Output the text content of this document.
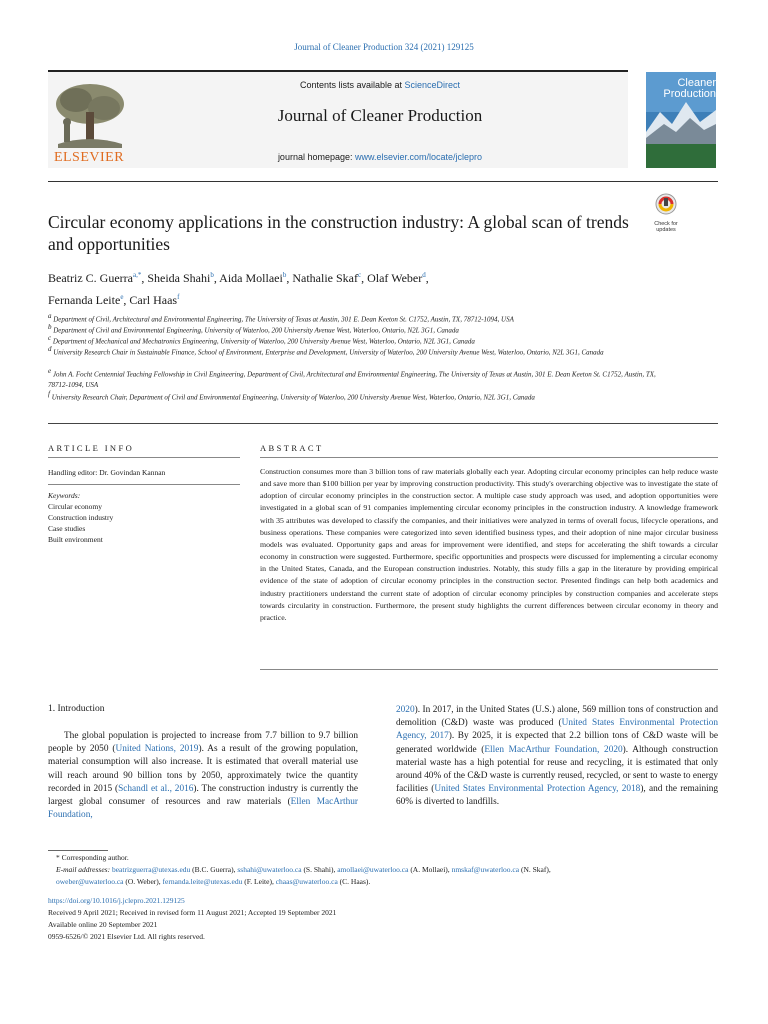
Journal of Cleaner Production 324 (2021) 129125
ELSEVIER
Contents lists available at ScienceDirect
Journal of Cleaner Production
journal homepage: www.elsevier.com/locate/jclepro
Cleaner Production
Circular economy applications in the construction industry: A global scan of trends and opportunities
Check for updates
Beatriz C. Guerra$^{a,*}$, Sheida Shahi$^b$, Aida Mollaei$^b$, Nathalie Skaf$^c$, Olaf Weber$^d$,
Fernanda Leite$^e$, Carl Haas$^f$
$^a$ Department of Civil, Architectural and Environmental Engineering, The University of Texas at Austin, 301 E. Dean Keeton St. C1752, Austin, TX, 78712-1094, USA
$^b$ Department of Civil and Environmental Engineering, University of Waterloo, 200 University Avenue West, Waterloo, Ontario, N2L 3G1, Canada
$^c$ Department of Mechanical and Mechatronics Engineering, University of Waterloo, 200 University Avenue West, Waterloo, Ontario, N2L 3G1, Canada
$^d$ University Research Chair in Sustainable Finance, School of Environment, Enterprise and Development, University of Waterloo, 200 University Avenue West, Waterloo, Ontario, N2L 3G1, Canada
$^e$ John A. Focht Centennial Teaching Fellowship in Civil Engineering, Department of Civil, Architectural and Environmental Engineering, The University of Texas at Austin, 301 E. Dean Keeton St. C1752, Austin, TX, 78712-1094, USA
$^f$ University Research Chair, Department of Civil and Environmental Engineering, University of Waterloo, 200 University Avenue West, Waterloo, Ontario, N2L 3G1, Canada
ARTICLE INFO
Handling editor: Dr. Govindan Kannan
Keywords:
Circular economy
Construction industry
Case studies
Built environment
ABSTRACT
Construction consumes more than 3 billion tons of raw materials globally each year. Adopting circular economy principles can help reduce waste and save more than $100 billion per year by improving construction productivity. This study's overarching objective was to investigate the state of adoption of circular economy principles in the construction sector. A multiple case study approach was used, and adoption opportunities were investigated in a global scan of 91 companies implementing circular economy principles in the construction industry. A knowledge framework with 35 attributes was developed to classify the companies, and their initiatives were analyzed in terms of overall focus, lifecycle operations, and business operations. These companies were categorized into seven identified business types, and their adoption of nine major circular business models was evaluated. Opportunity gaps and areas for improvement were identified, and steps for accelerating the shift towards a circular economy in construction were suggested. Furthermore, specific opportunities and prospects were discussed for implementing a circular economy in the United States, Canada, and the European construction industries. Notably, this study fills a gap in the literature by providing empirical evidence of the state of adoption of circular economy principles in the construction sector. Presented findings can help both academics and industry practitioners understand the current state of adoption of circular economy principles by construction companies and accelerate steps towards circularity in construction. Furthermore, the present study highlights the current differences between circular economy in theory and practice.
1. Introduction
The global population is projected to increase from 7.7 billion to 9.7 billion people by 2050 (United Nations, 2019). As a result of the growing population, material consumption will also increase. It is estimated that overall material use will reach around 90 billion tons by 2050, approximately twice the quantity recorded in 2015 (Schandl et al., 2016). The construction industry is currently the largest global consumer of resources and raw materials (Ellen MacArthur Foundation,
2020). In 2017, in the United States (U.S.) alone, 569 million tons of construction and demolition (C&D) waste was produced (United States Environmental Protection Agency, 2017). By 2025, it is expected that 2.2 billion tons of C&D waste will be generated worldwide (Ellen MacArthur Foundation, 2020). Although construction material waste has a high potential for reuse and recycling, it is estimated that only around 40% of the C&D waste is currently reused, recycled, or sent to waste to energy facilities (United States Environmental Protection Agency, 2018), and the remaining 60% is diverted to landfills.
* Corresponding author.
E-mail addresses: beatrizguerra@utexas.edu (B.C. Guerra), sshahi@uwaterloo.ca (S. Shahi), amollaei@uwaterloo.ca (A. Mollaei), nmskaf@uwaterloo.ca (N. Skaf),
oweber@uwaterloo.ca (O. Weber), fernanda.leite@utexas.edu (F. Leite), chaas@uwaterloo.ca (C. Haas).
https://doi.org/10.1016/j.jclepro.2021.129125
Received 9 April 2021; Received in revised form 11 August 2021; Accepted 19 September 2021
Available online 20 September 2021
0959-6526/© 2021 Elsevier Ltd. All rights reserved.
